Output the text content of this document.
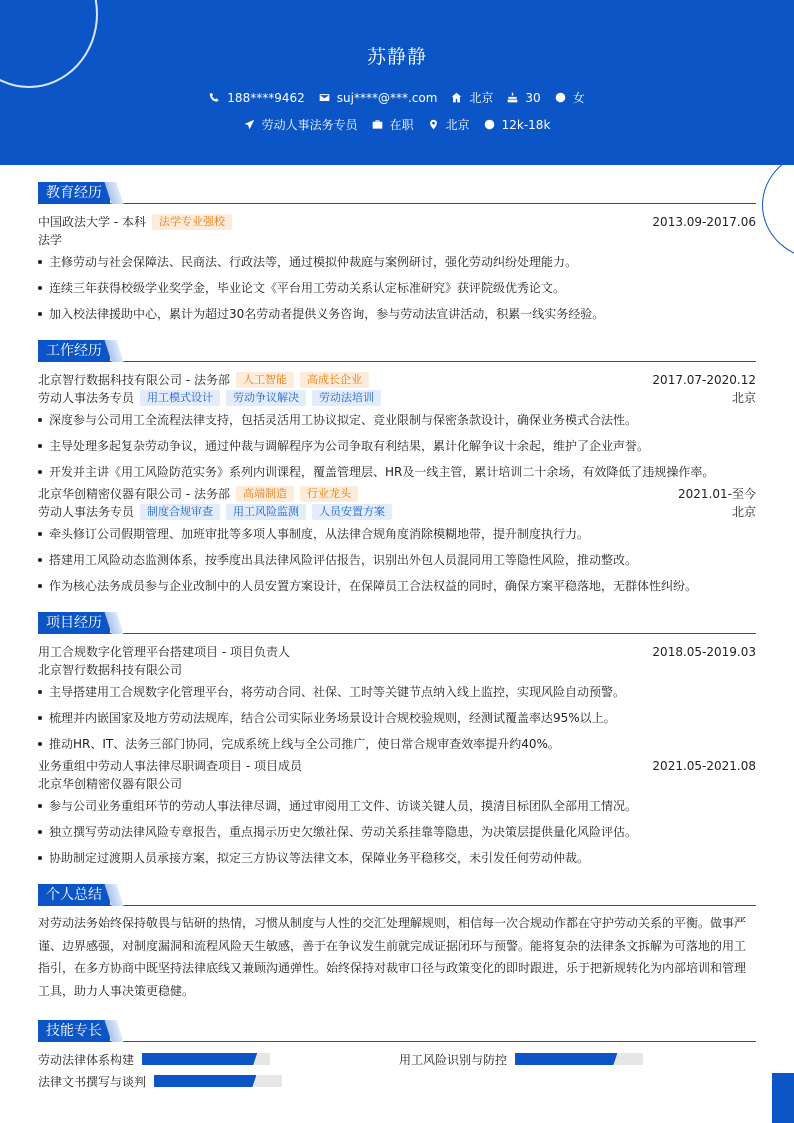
苏静静
188****9462	suj****@***.com	北京	30	女
劳动人事法务专员	在职	北京	12k-18k
教育经历
中国政法大学 - 本科	法学专业强校	2013.09-2017.06
法学
主修劳动与社会保障法、民商法、行政法等，通过模拟仲裁庭与案例研讨，强化劳动纠纷处理能力。
连续三年获得校级学业奖学金，毕业论文《平台用工劳动关系认定标准研究》获评院级优秀论文。
加入校法律援助中心，累计为超过30名劳动者提供义务咨询，参与劳动法宣讲活动，积累一线实务经验。
工作经历
北京智行数据科技有限公司 - 法务部	人工智能	高成长企业	2017.07-2020.12
劳动人事法务专员	用工模式设计	劳动争议解决	劳动法培训	北京
深度参与公司用工全流程法律支持，包括灵活用工协议拟定、竞业限制与保密条款设计，确保业务模式合法性。
主导处理多起复杂劳动争议，通过仲裁与调解程序为公司争取有利结果，累计化解争议十余起，维护了企业声誉。
开发并主讲《用工风险防范实务》系列内训课程，覆盖管理层、HR及一线主管，累计培训二十余场，有效降低了违规操作率。
北京华创精密仪器有限公司 - 法务部	高端制造	行业龙头	2021.01-至今
劳动人事法务专员	制度合规审查	用工风险监测	人员安置方案	北京
牵头修订公司假期管理、加班审批等多项人事制度，从法律合规角度消除模糊地带，提升制度执行力。
搭建用工风险动态监测体系，按季度出具法律风险评估报告，识别出外包人员混同用工等隐性风险，推动整改。
作为核心法务成员参与企业改制中的人员安置方案设计，在保障员工合法权益的同时，确保方案平稳落地，无群体性纠纷。
项目经历
用工合规数字化管理平台搭建项目 - 项目负责人	2018.05-2019.03
北京智行数据科技有限公司
主导搭建用工合规数字化管理平台，将劳动合同、社保、工时等关键节点纳入线上监控，实现风险自动预警。
梳理并内嵌国家及地方劳动法规库，结合公司实际业务场景设计合规校验规则，经测试覆盖率达95%以上。
推动HR、IT、法务三部门协同，完成系统上线与全公司推广，使日常合规审查效率提升约40%。
业务重组中劳动人事法律尽职调查项目 - 项目成员	2021.05-2021.08
北京华创精密仪器有限公司
参与公司业务重组环节的劳动人事法律尽调，通过审阅用工文件、访谈关键人员，摸清目标团队全部用工情况。
独立撰写劳动法律风险专章报告，重点揭示历史欠缴社保、劳动关系挂靠等隐患，为决策层提供量化风险评估。
协助制定过渡期人员承接方案，拟定三方协议等法律文本，保障业务平稳移交，未引发任何劳动仲裁。
个人总结
对劳动法务始终保持敬畏与钻研的热情，习惯从制度与人性的交汇处理解规则，相信每一次合规动作都在守护劳动关系的平衡。做事严
谨、边界感强，对制度漏洞和流程风险天生敏感，善于在争议发生前就完成证据闭环与预警。能将复杂的法律条文拆解为可落地的用工
指引，在多方协商中既坚持法律底线又兼顾沟通弹性。始终保持对裁审口径与政策变化的即时跟进，乐于把新规转化为内部培训和管理
工具，助力人事决策更稳健。
技能专长
劳动法律体系构建	用工风险识别与防控
法律文书撰写与谈判
